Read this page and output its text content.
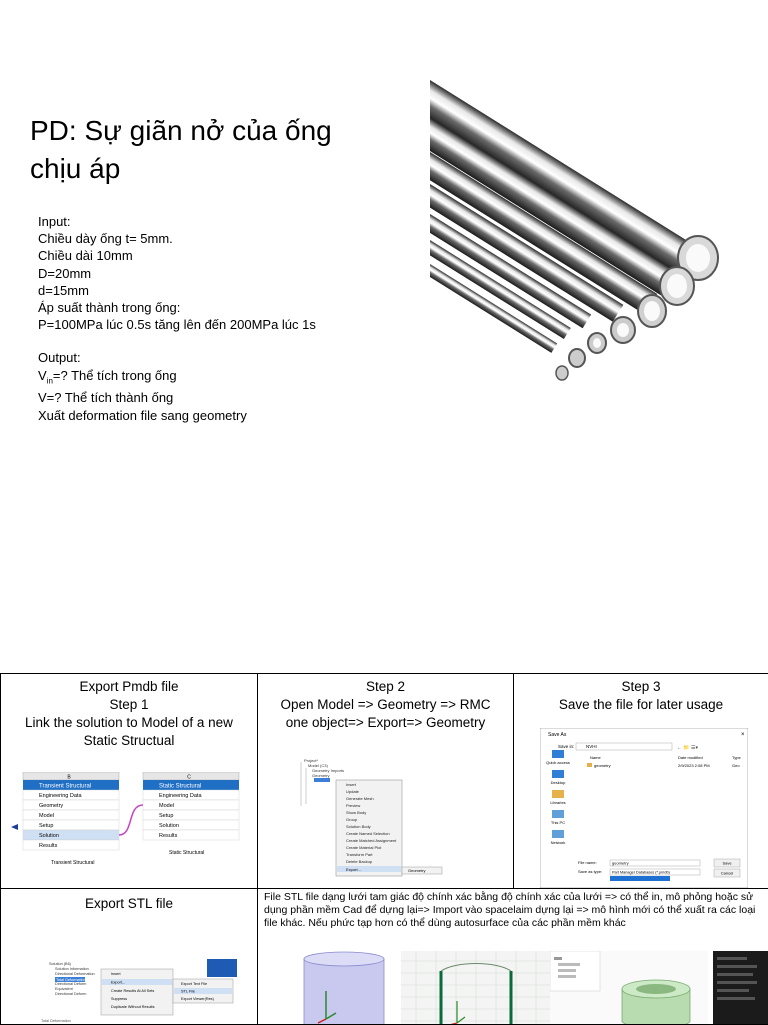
PD: Sự giãn nở của ống
chịu áp
Input:
Chiều dày ống t= 5mm.
Chiều dài 10mm
D=20mm
d=15mm
Áp suất thành trong ống:
P=100MPa lúc 0.5s tăng lên đến 200MPa lúc 1s
Output:
$V_{in}=$? Thể tích trong ống
V=? Thể tích thành ống
Xuất deformation file sang geometry
Export Pmdb file
Step 1
Link the solution to Model of a new
Static Structual
B
Transient Structural
Engineering Data
Geometry
Model
Setup
Solution
Results
Transient Structural
C
Static Structural
Engineering Data
Model
Setup
Solution
Results
Static Structural
Step 2
Open Model => Geometry => RMC
one object=> Export=> Geometry
Project*
Model (C3)
Geometry Imports
Geometry
Insert
Update
Generate Mesh
Preview
Show Body
Group
Solution Body
Create Named Selection
Create Matched Assignment
Create Material Plot
Transform Part
Delete Backup
Export...	Geometry
Step 3
Save the file for later usage
Save As	×
Save in:	NVHI	← 📁 ☰▾
Name	Date modified	Type
geometry	2/9/2023 2:08 PM	Geo
Quick access
Desktop
Libraries
This PC
Network
File name:	geometry
Save as type:	Part Manager Databases (*.pmdb)
Save
Cancel
Export STL file
Solution (B6)
Solution Information
Directional Deformation
Directional Deform
Equivalent
Directional Deform
Total Deformation
Insert
Export...
Create Results At All Sets
Suppress
Duplicate Without Results
Export Text File
STL File
Export Viewer(Res)
Total Deformation
File STL file dạng lưới tam giác độ chính xác bằng độ chính xác của lưới => có thể in, mô phỏng hoặc sử dụng phần mềm Cad để dựng lại=> Import vào spacelaim dựng lại => mô hình mới có thể xuất ra các loại file khác. Nếu phức tạp hơn có thể dùng autosurface của các phần mềm khác
